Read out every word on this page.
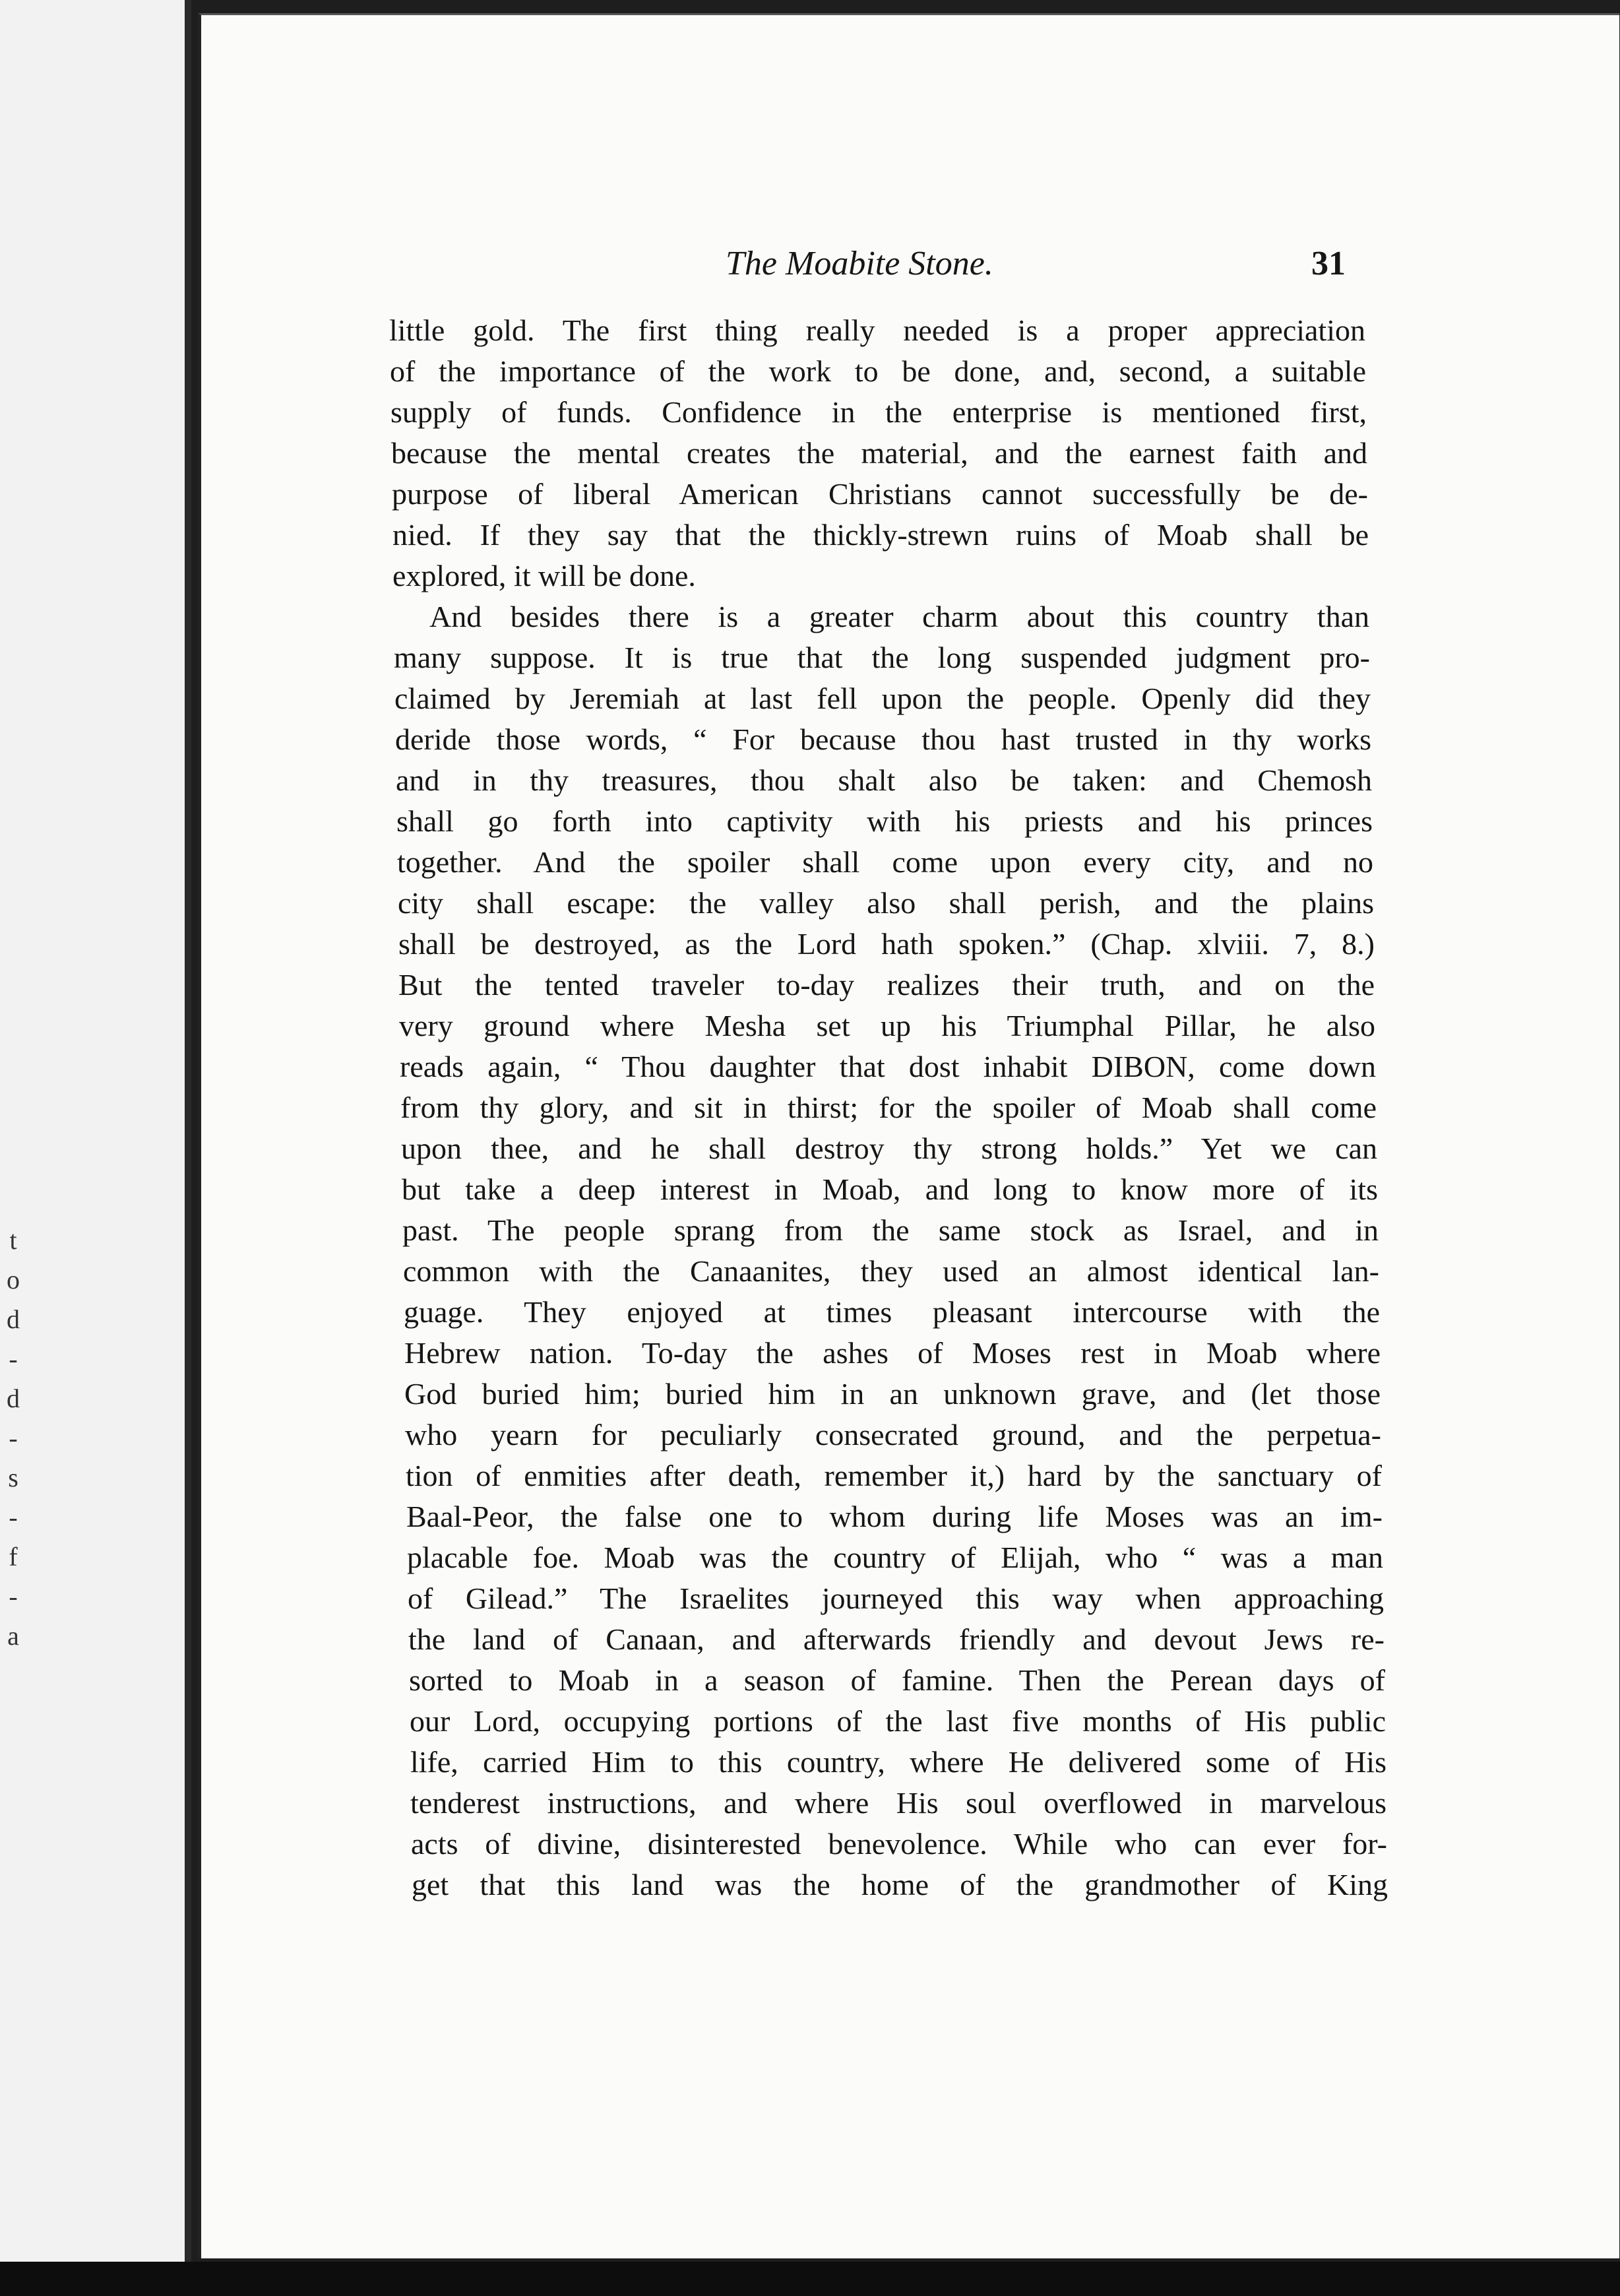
t
o
d
-
d
-
s
-
f
-
a
The Moabite Stone.	31
little gold. The first thing really needed is a proper appreciation
of the importance of the work to be done, and, second, a suitable
supply of funds. Confidence in the enterprise is mentioned first,
because the mental creates the material, and the earnest faith and
purpose of liberal American Christians cannot successfully be de-
nied. If they say that the thickly-strewn ruins of Moab shall be
explored, it will be done.
And besides there is a greater charm about this country than
many suppose. It is true that the long suspended judgment pro-
claimed by Jeremiah at last fell upon the people. Openly did they
deride those words, “ For because thou hast trusted in thy works
and in thy treasures, thou shalt also be taken: and Chemosh
shall go forth into captivity with his priests and his princes
together. And the spoiler shall come upon every city, and no
city shall escape: the valley also shall perish, and the plains
shall be destroyed, as the Lord hath spoken.” (Chap. xlviii. 7, 8.)
But the tented traveler to-day realizes their truth, and on the
very ground where Mesha set up his Triumphal Pillar, he also
reads again, “ Thou daughter that dost inhabit DIBON, come down
from thy glory, and sit in thirst; for the spoiler of Moab shall come
upon thee, and he shall destroy thy strong holds.” Yet we can
but take a deep interest in Moab, and long to know more of its
past. The people sprang from the same stock as Israel, and in
common with the Canaanites, they used an almost identical lan-
guage. They enjoyed at times pleasant intercourse with the
Hebrew nation. To-day the ashes of Moses rest in Moab where
God buried him; buried him in an unknown grave, and (let those
who yearn for peculiarly consecrated ground, and the perpetua-
tion of enmities after death, remember it,) hard by the sanctuary of
Baal-Peor, the false one to whom during life Moses was an im-
placable foe. Moab was the country of Elijah, who “ was a man
of Gilead.” The Israelites journeyed this way when approaching
the land of Canaan, and afterwards friendly and devout Jews re-
sorted to Moab in a season of famine. Then the Perean days of
our Lord, occupying portions of the last five months of His public
life, carried Him to this country, where He delivered some of His
tenderest instructions, and where His soul overflowed in marvelous
acts of divine, disinterested benevolence. While who can ever for-
get that this land was the home of the grandmother of King
